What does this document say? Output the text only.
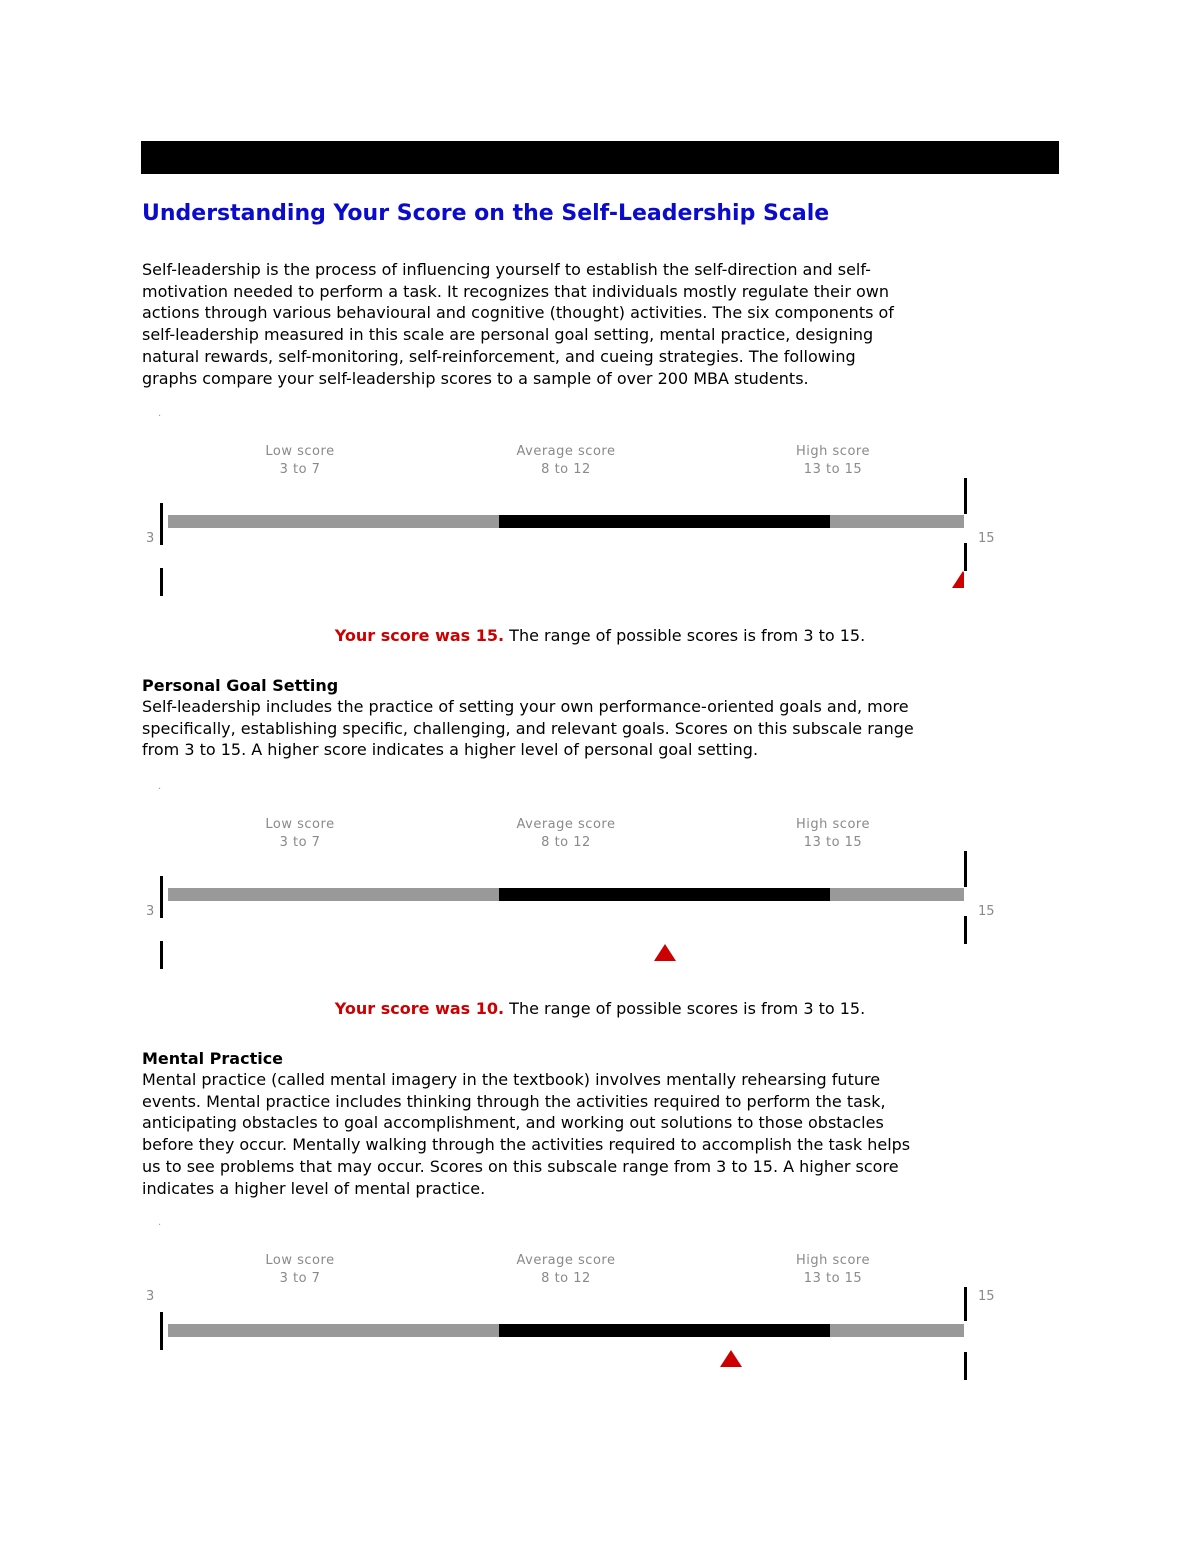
Understanding Your Score on the Self-Leadership Scale

Self-leadership is the process of influencing yourself to establish the self-direction and self-
motivation needed to perform a task. It recognizes that individuals mostly regulate their own
actions through various behavioural and cognitive (thought) activities. The six components of
self-leadership measured in this scale are personal goal setting, mental practice, designing
natural rewards, self-monitoring, self-reinforcement, and cueing strategies. The following
graphs compare your self-leadership scores to a sample of over 200 MBA students.

.
Low score
3 to 7
Average score
8 to 12
High score
13 to 15
3	15

Your score was 15. The range of possible scores is from 3 to 15.

Personal Goal Setting

Self-leadership includes the practice of setting your own performance-oriented goals and, more
specifically, establishing specific, challenging, and relevant goals. Scores on this subscale range
from 3 to 15. A higher score indicates a higher level of personal goal setting.

.
Low score
3 to 7
Average score
8 to 12
High score
13 to 15
3	15

Your score was 10. The range of possible scores is from 3 to 15.

Mental Practice

Mental practice (called mental imagery in the textbook) involves mentally rehearsing future
events. Mental practice includes thinking through the activities required to perform the task,
anticipating obstacles to goal accomplishment, and working out solutions to those obstacles
before they occur. Mentally walking through the activities required to accomplish the task helps
us to see problems that may occur. Scores on this subscale range from 3 to 15. A higher score
indicates a higher level of mental practice.

.
Low score
3 to 7
Average score
8 to 12
High score
13 to 15
3	15
